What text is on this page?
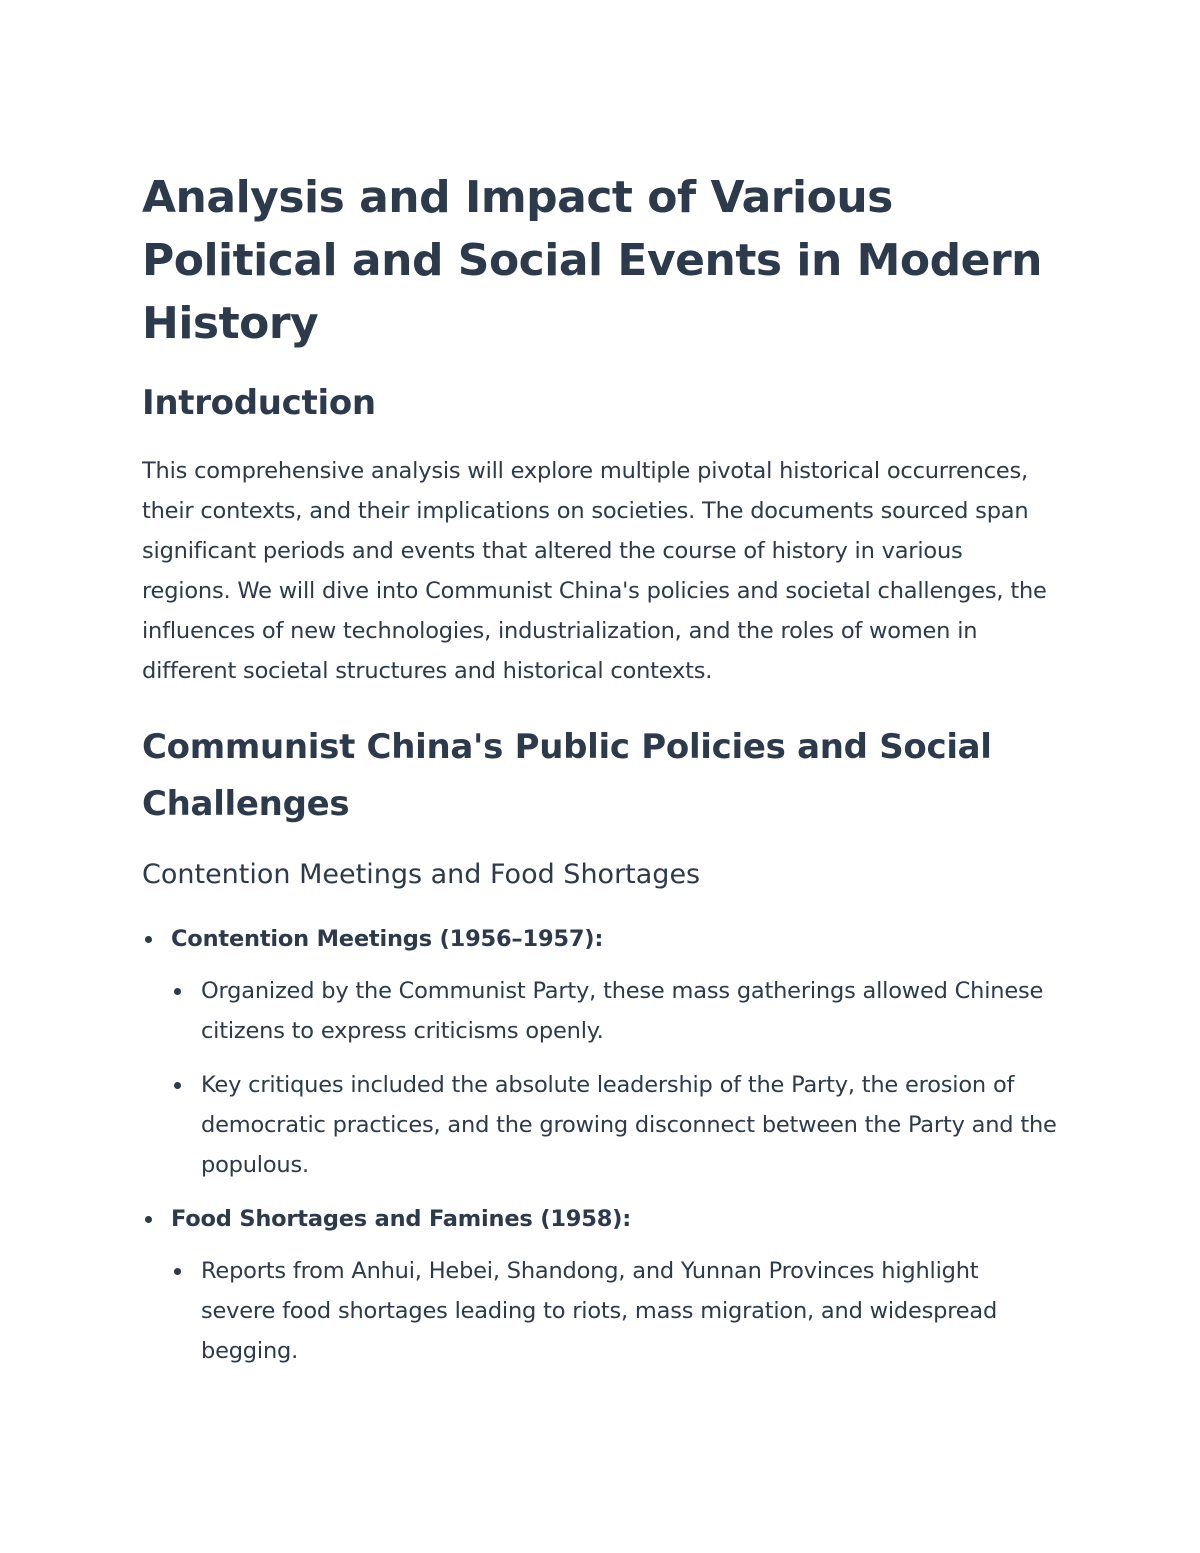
Analysis and Impact of Various Political and Social Events in Modern History
Introduction

This comprehensive analysis will explore multiple pivotal historical occurrences, their contexts, and their implications on societies. The documents sourced span significant periods and events that altered the course of history in various regions. We will dive into Communist China's policies and societal challenges, the influences of new technologies, industrialization, and the roles of women in different societal structures and historical contexts.

Communist China's Public Policies and Social Challenges
Contention Meetings and Food Shortages
Contention Meetings (1956–1957):
Organized by the Communist Party, these mass gatherings allowed Chinese citizens to express criticisms openly.
Key critiques included the absolute leadership of the Party, the erosion of democratic practices, and the growing disconnect between the Party and the populous.
Food Shortages and Famines (1958):
Reports from Anhui, Hebei, Shandong, and Yunnan Provinces highlight severe food shortages leading to riots, mass migration, and widespread begging.
